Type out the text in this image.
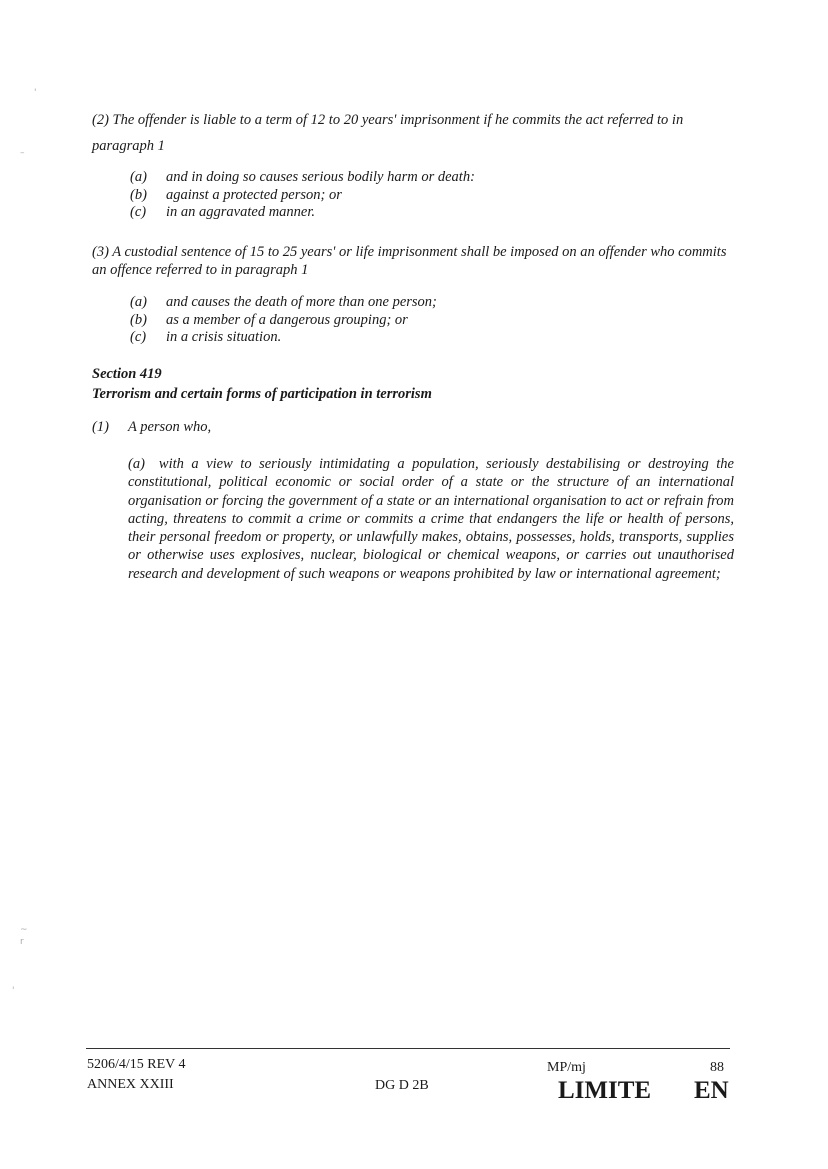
'
–
~
r
'
(2) The offender is liable to a term of 12 to 20 years' imprisonment if he commits the act referred to in paragraph 1
(a)	and in doing so causes serious bodily harm or death:
(b)	against a protected person; or
(c)	in an aggravated manner.
(3) A custodial sentence of 15 to 25 years' or life imprisonment shall be imposed on an offender who commits an offence referred to in paragraph 1
(a)	and causes the death of more than one person;
(b)	as a member of a dangerous grouping; or
(c)	in a crisis situation.
Section 419
Terrorism and certain forms of participation in terrorism
(1) A person who,
(a) with a view to seriously intimidating a population, seriously destabilising or destroying the constitutional, political economic or social order of a state or the structure of an international organisation or forcing the government of a state or an international organisation to act or refrain from acting, threatens to commit a crime or commits a crime that endangers the life or health of persons, their personal freedom or property, or unlawfully makes, obtains, possesses, holds, transports, supplies or otherwise uses explosives, nuclear, biological or chemical weapons, or carries out unauthorised research and development of such weapons or weapons prohibited by law or international agreement;
5206/4/15 REV 4
ANNEX XXIII	DG D 2B
MP/mj	88
LIMITE EN
